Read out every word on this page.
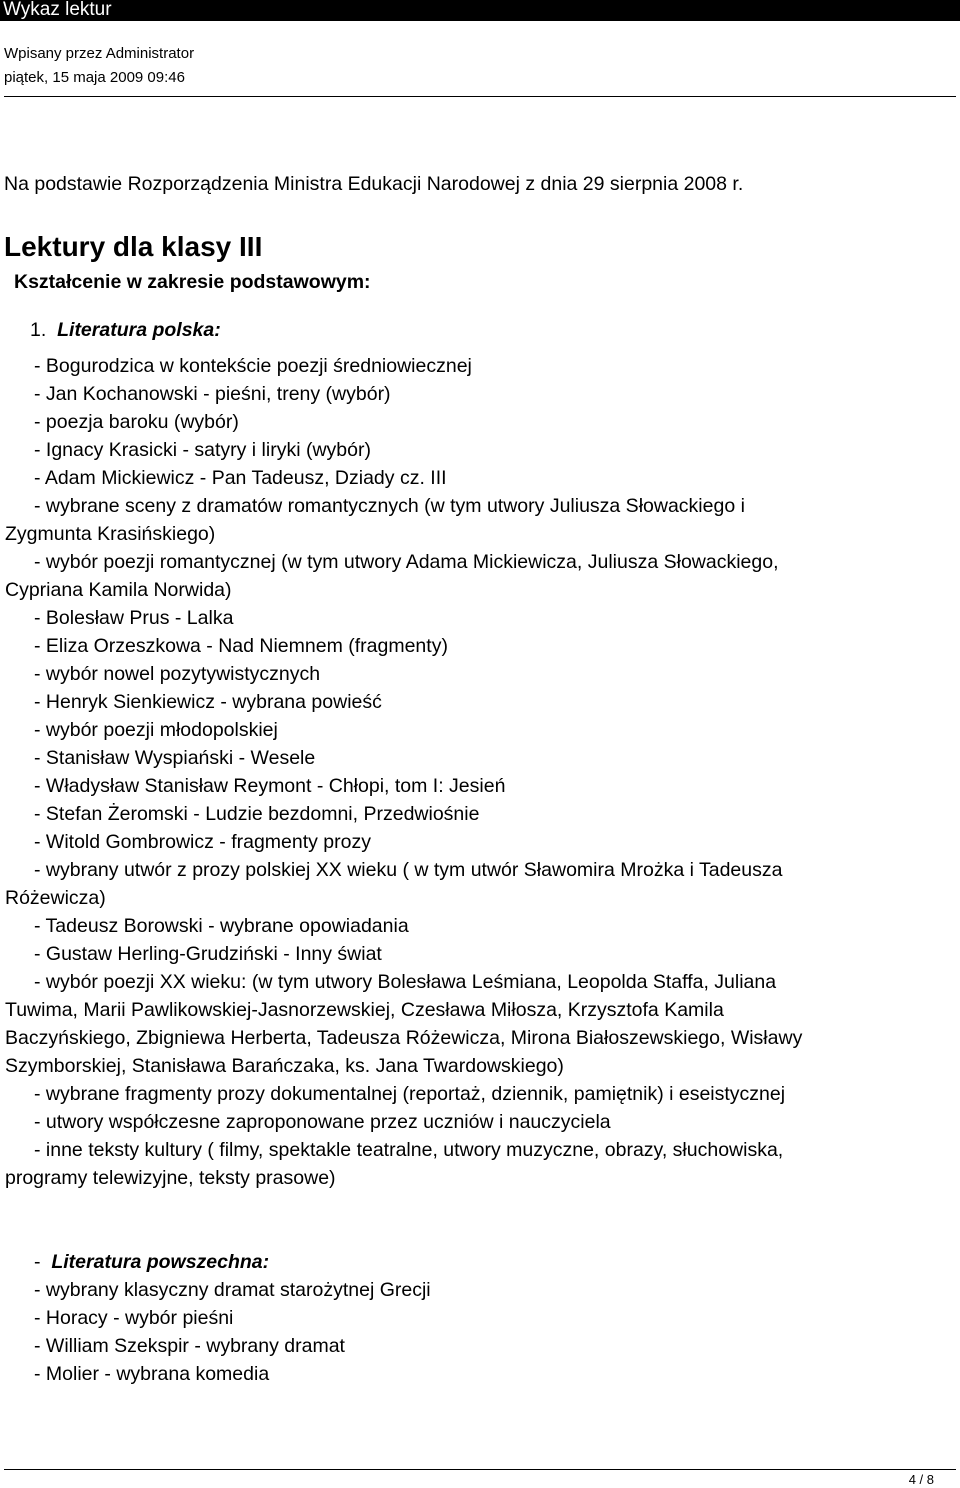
Wykaz lektur
Wpisany przez Administrator
piątek, 15 maja 2009 09:46
Na podstawie Rozporządzenia Ministra Edukacji Narodowej z dnia 29 sierpnia 2008 r.
Lektury dla klasy III
Kształcenie w zakresie podstawowym:
1. Literatura polska:
- Bogurodzica w kontekście poezji średniowiecznej
- Jan Kochanowski - pieśni, treny (wybór)
- poezja baroku (wybór)
- Ignacy Krasicki - satyry i liryki (wybór)
- Adam Mickiewicz - Pan Tadeusz, Dziady cz. III
- wybrane sceny z dramatów romantycznych (w tym utwory Juliusza Słowackiego i
Zygmunta Krasińskiego)
- wybór poezji romantycznej (w tym utwory Adama Mickiewicza, Juliusza Słowackiego,
Cypriana Kamila Norwida)
- Bolesław Prus - Lalka
- Eliza Orzeszkowa - Nad Niemnem (fragmenty)
- wybór nowel pozytywistycznych
- Henryk Sienkiewicz - wybrana powieść
- wybór poezji młodopolskiej
- Stanisław Wyspiański - Wesele
- Władysław Stanisław Reymont - Chłopi, tom I: Jesień
- Stefan Żeromski - Ludzie bezdomni, Przedwiośnie
- Witold Gombrowicz - fragmenty prozy
- wybrany utwór z prozy polskiej XX wieku ( w tym utwór Sławomira Mrożka i Tadeusza
Różewicza)
- Tadeusz Borowski - wybrane opowiadania
- Gustaw Herling-Grudziński - Inny świat
- wybór poezji XX wieku: (w tym utwory Bolesława Leśmiana, Leopolda Staffa, Juliana
Tuwima, Marii Pawlikowskiej-Jasnorzewskiej, Czesława Miłosza, Krzysztofa Kamila
Baczyńskiego, Zbigniewa Herberta, Tadeusza Różewicza, Mirona Białoszewskiego, Wisławy
Szymborskiej, Stanisława Barańczaka, ks. Jana Twardowskiego)
- wybrane fragmenty prozy dokumentalnej (reportaż, dziennik, pamiętnik) i eseistycznej
- utwory współczesne zaproponowane przez uczniów i nauczyciela
- inne teksty kultury ( filmy, spektakle teatralne, utwory muzyczne, obrazy, słuchowiska,
programy telewizyjne, teksty prasowe)
- Literatura powszechna:
- wybrany klasyczny dramat starożytnej Grecji
- Horacy - wybór pieśni
- William Szekspir - wybrany dramat
- Molier - wybrana komedia
4 / 8
